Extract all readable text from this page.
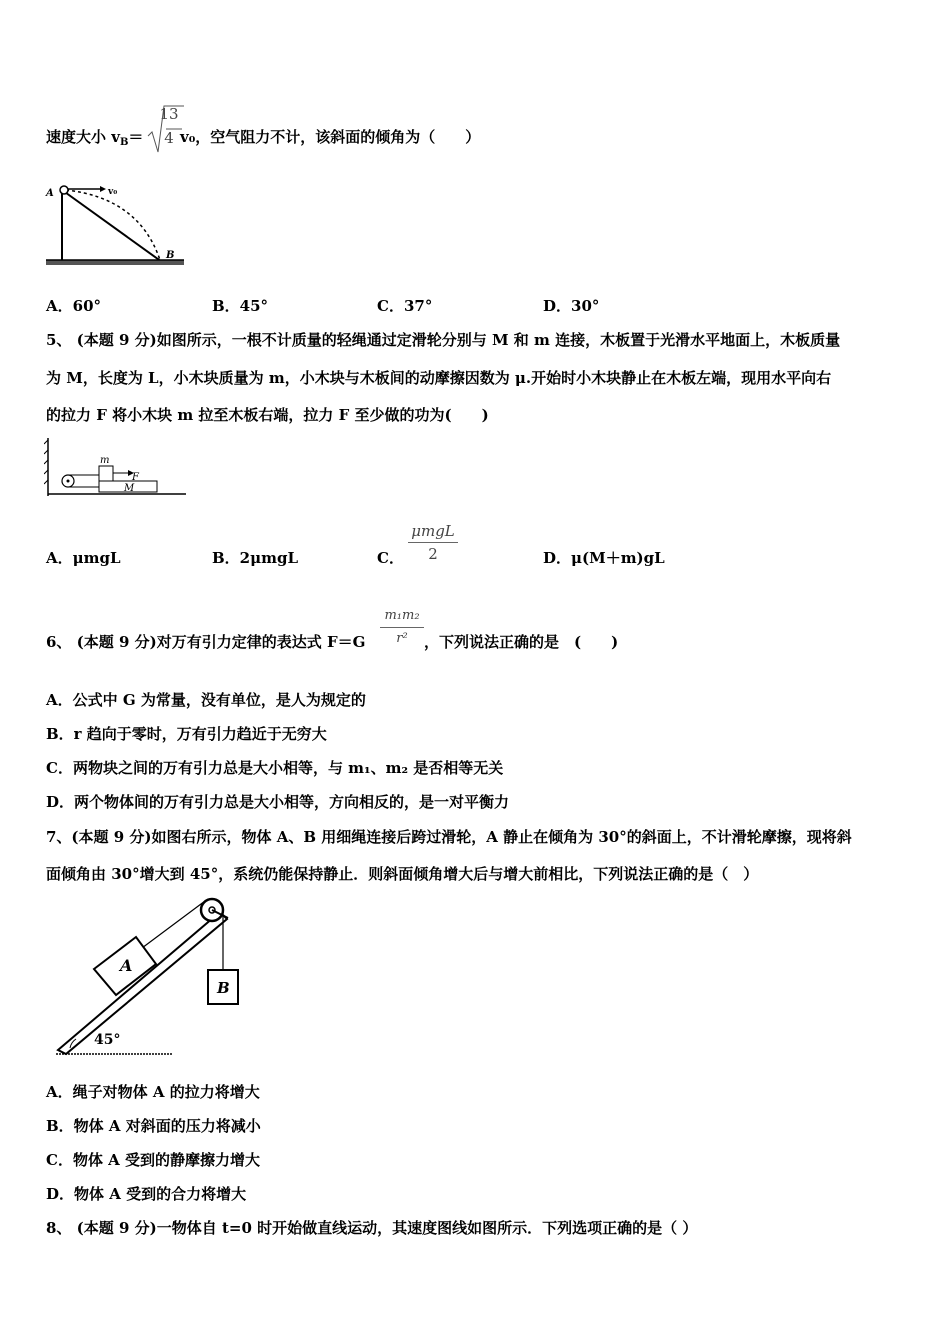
速度大小 $v_B=$
13
4 v₀，空气阻力不计，该斜面的倾角为（　　）
A	v₀
B
A．60°	B．45°	C．37°	D．30°
5、 (本题 9 分)如图所示，一根不计质量的轻绳通过定滑轮分别与 M 和 m 连接，木板置于光滑水平地面上，木板质量
为 M，长度为 L，小木块质量为 m，小木块与木板间的动摩擦因数为 μ.开始时小木块静止在木板左端，现用水平向右
的拉力 F 将小木块 m 拉至木板右端，拉力 F 至少做的功为(　　)
m
F
M
A．μmgL	B．2μmgL	C．
μmgL
2	D．μ(M＋m)gL
6、 (本题 9 分)对万有引力定律的表达式 F＝G
m₁m₂
r²	，下列说法正确的是　(　　)
A．公式中 G 为常量，没有单位，是人为规定的
B．r 趋向于零时，万有引力趋近于无穷大
C．两物块之间的万有引力总是大小相等，与 m₁、m₂ 是否相等无关
D．两个物体间的万有引力总是大小相等，方向相反的，是一对平衡力
7、(本题 9 分)如图右所示，物体 A、B 用细绳连接后跨过滑轮，A 静止在倾角为 30°的斜面上，不计滑轮摩擦，现将斜
面倾角由 30°增大到 45°，系统仍能保持静止．则斜面倾角增大后与增大前相比，下列说法正确的是（　）
45°
A
B
A．绳子对物体 A 的拉力将增大
B．物体 A 对斜面的压力将减小
C．物体 A 受到的静摩擦力增大
D．物体 A 受到的合力将增大
8、 (本题 9 分)一物体自 t=0 时开始做直线运动，其速度图线如图所示．下列选项正确的是（ ）
